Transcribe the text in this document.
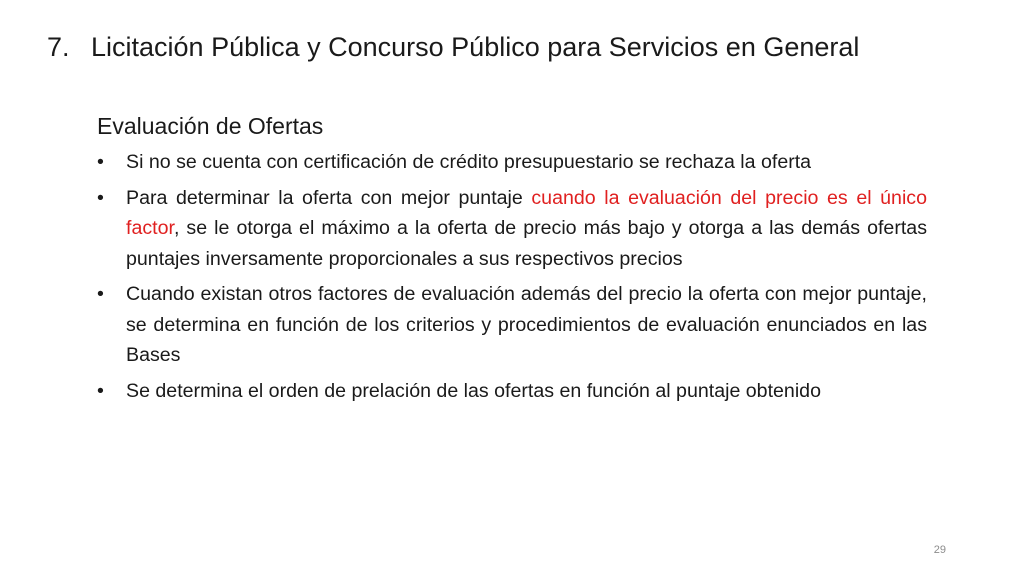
7. Licitación Pública y Concurso Público para Servicios en General
Evaluación de Ofertas
• Si no se cuenta con certificación de crédito presupuestario se rechaza la oferta
• Para determinar la oferta con mejor puntaje cuando la evaluación del precio es el único factor, se le otorga el máximo a la oferta de precio más bajo y otorga a las demás ofertas puntajes inversamente proporcionales a sus respectivos precios
• Cuando existan otros factores de evaluación además del precio la oferta con mejor puntaje, se determina en función de los criterios y procedimientos de evaluación enunciados en las Bases
• Se determina el orden de prelación de las ofertas en función al puntaje obtenido
29
